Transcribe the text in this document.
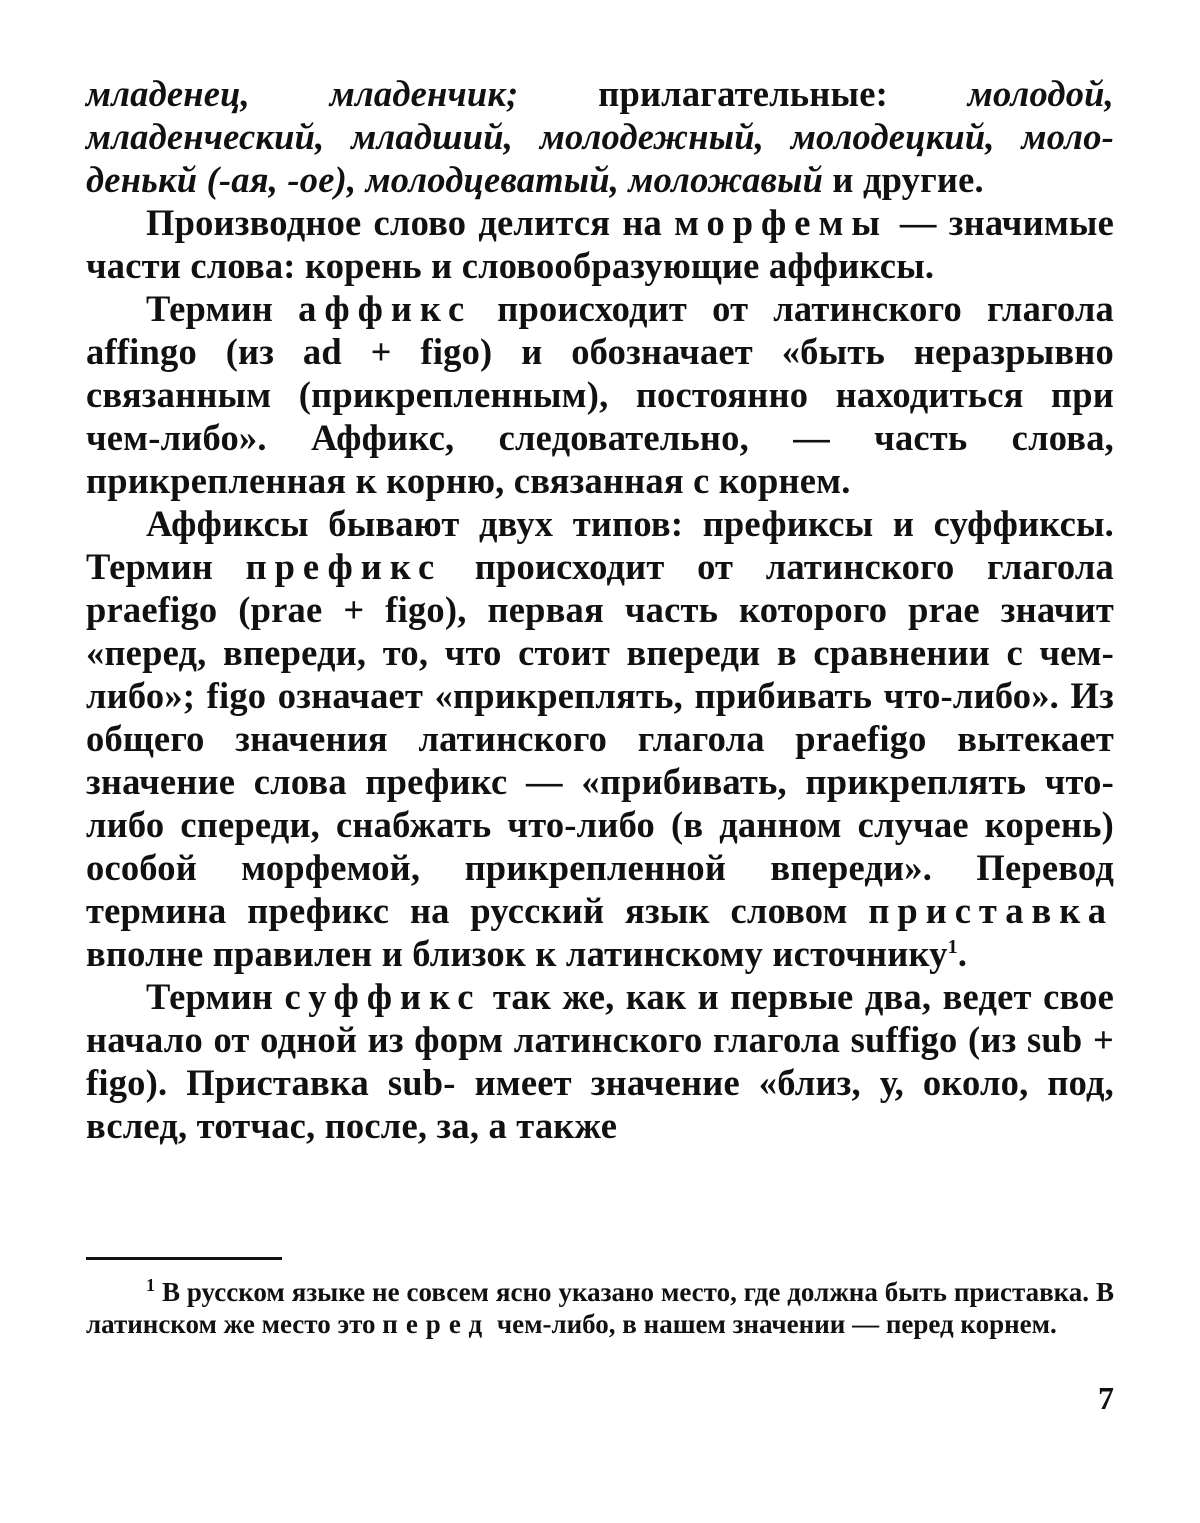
младенец, младенчик; прилагательные: молодой, младенческий, младший, молодежный, молодецкий, моло-денькй (-ая, -ое), молодцеватый, моложавый и другие.

Производное слово делится на морфемы — значимые части слова: корень и словообразующие аффиксы.

Термин аффикс происходит от латинского глагола affingo (из ad + figo) и обозначает «быть неразрывно связанным (прикрепленным), постоянно находиться при чем-либо». Аффикс, следовательно, — часть слова, прикрепленная к корню, связанная с корнем.

Аффиксы бывают двух типов: префиксы и суффиксы. Термин префикс происходит от латинского глагола praefigo (prae + figo), первая часть которого prae значит «перед, впереди, то, что стоит впереди в сравнении с чем-либо»; figo означает «прикреплять, прибивать что-либо». Из общего значения латинского глагола praefigo вытекает значение слова префикс — «прибивать, прикреплять что-либо спереди, снабжать что-либо (в данном случае корень) особой морфемой, прикрепленной впереди». Перевод термина префикс на русский язык словом приставка вполне правилен и близок к латинскому источнику$^1$.

Термин суффикс так же, как и первые два, ведет свое начало от одной из форм латинского глагола suffigo (из sub + figo). Приставка sub- имеет значение «близ, у, около, под, вслед, тотчас, после, за, а также

$^1$ В русском языке не совсем ясно указано место, где должна быть приставка. В латинском же место это перед чем-либо, в нашем значении — перед корнем.

7
